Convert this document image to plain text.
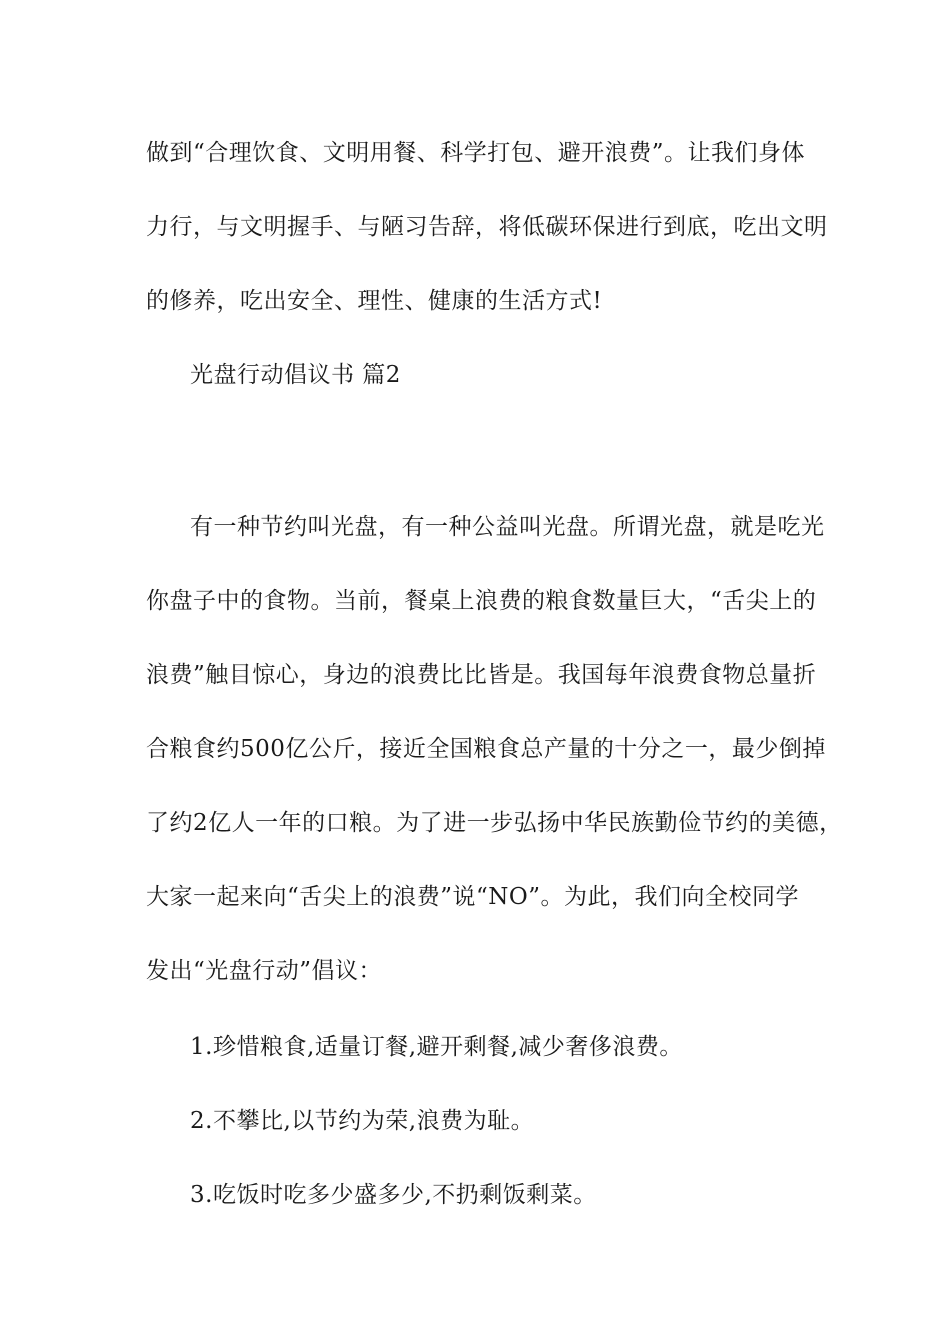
做到“合理饮食、文明用餐、科学打包、避开浪费”。让我们身体
力行，与文明握手、与陋习告辞，将低碳环保进行到底，吃出文明
的修养，吃出安全、理性、健康的生活方式!
光盘行动倡议书 篇2
有一种节约叫光盘，有一种公益叫光盘。所谓光盘，就是吃光
你盘子中的食物。当前，餐桌上浪费的粮食数量巨大，“舌尖上的
浪费”触目惊心，身边的浪费比比皆是。我国每年浪费食物总量折
合粮食约500亿公斤，接近全国粮食总产量的十分之一，最少倒掉
了约2亿人一年的口粮。为了进一步弘扬中华民族勤俭节约的美德，
大家一起来向“舌尖上的浪费”说“NO”。为此，我们向全校同学
发出“光盘行动”倡议：
1.珍惜粮食,适量订餐,避开剩餐,减少奢侈浪费。
2.不攀比,以节约为荣,浪费为耻。
3.吃饭时吃多少盛多少,不扔剩饭剩菜。
